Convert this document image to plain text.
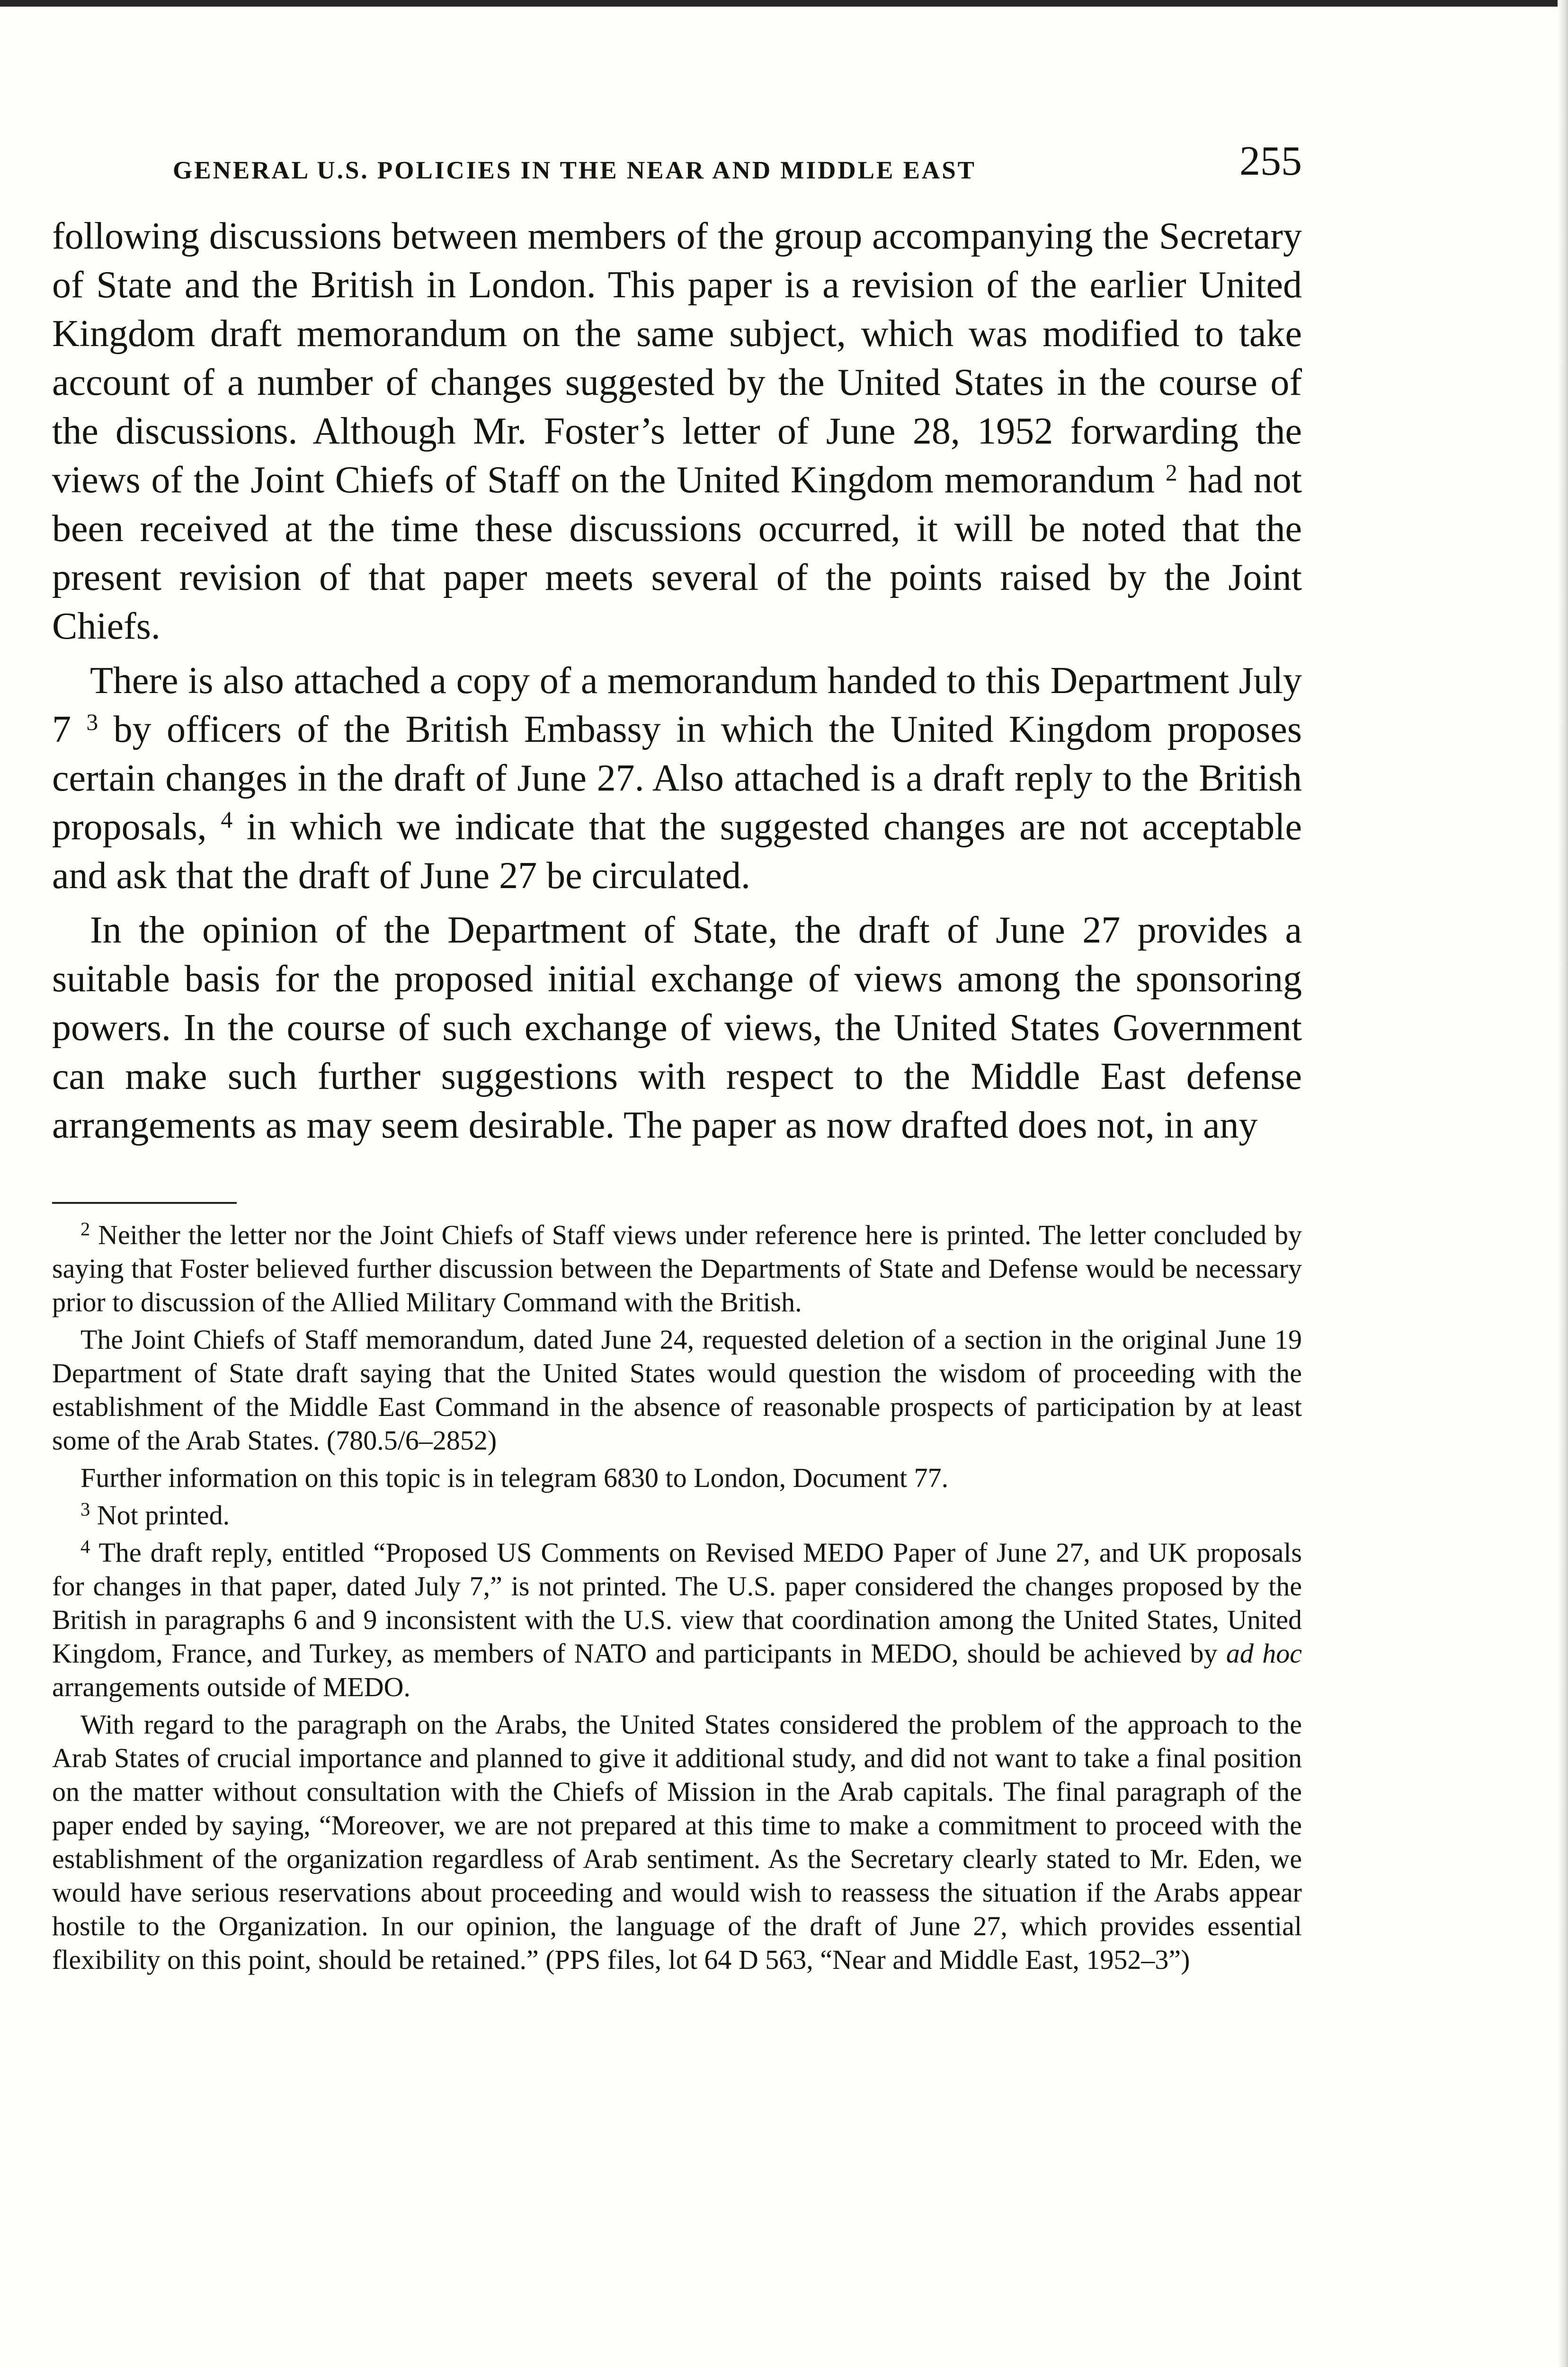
GENERAL U.S. POLICIES IN THE NEAR AND MIDDLE EAST	255

following discussions between members of the group accompanying the Secretary of State and the British in London. This paper is a revision of the earlier United Kingdom draft memorandum on the same subject, which was modified to take account of a number of changes suggested by the United States in the course of the discussions. Although Mr. Foster’s letter of June 28, 1952 forwarding the views of the Joint Chiefs of Staff on the United Kingdom memorandum $^2$ had not been received at the time these discussions occurred, it will be noted that the present revision of that paper meets several of the points raised by the Joint Chiefs.

There is also attached a copy of a memorandum handed to this Department July 7 $^3$ by officers of the British Embassy in which the United Kingdom proposes certain changes in the draft of June 27. Also attached is a draft reply to the British proposals, $^4$ in which we indicate that the suggested changes are not acceptable and ask that the draft of June 27 be circulated.

In the opinion of the Department of State, the draft of June 27 provides a suitable basis for the proposed initial exchange of views among the sponsoring powers. In the course of such exchange of views, the United States Government can make such further suggestions with respect to the Middle East defense arrangements as may seem desirable. The paper as now drafted does not, in any

$^2$ Neither the letter nor the Joint Chiefs of Staff views under reference here is printed. The letter concluded by saying that Foster believed further discussion between the Departments of State and Defense would be necessary prior to discussion of the Allied Military Command with the British.

The Joint Chiefs of Staff memorandum, dated June 24, requested deletion of a section in the original June 19 Department of State draft saying that the United States would question the wisdom of proceeding with the establishment of the Middle East Command in the absence of reasonable prospects of participation by at least some of the Arab States. (780.5/6–2852)

Further information on this topic is in telegram 6830 to London, Document 77.

$^3$ Not printed.

$^4$ The draft reply, entitled “Proposed US Comments on Revised MEDO Paper of June 27, and UK proposals for changes in that paper, dated July 7,” is not printed. The U.S. paper considered the changes proposed by the British in paragraphs 6 and 9 inconsistent with the U.S. view that coordination among the United States, United Kingdom, France, and Turkey, as members of NATO and participants in MEDO, should be achieved by ad hoc arrangements outside of MEDO.

With regard to the paragraph on the Arabs, the United States considered the problem of the approach to the Arab States of crucial importance and planned to give it additional study, and did not want to take a final position on the matter without consultation with the Chiefs of Mission in the Arab capitals. The final paragraph of the paper ended by saying, “Moreover, we are not prepared at this time to make a commitment to proceed with the establishment of the organization regardless of Arab sentiment. As the Secretary clearly stated to Mr. Eden, we would have serious reservations about proceeding and would wish to reassess the situation if the Arabs appear hostile to the Organization. In our opinion, the language of the draft of June 27, which provides essential flexibility on this point, should be retained.” (PPS files, lot 64 D 563, “Near and Middle East, 1952–3”)
